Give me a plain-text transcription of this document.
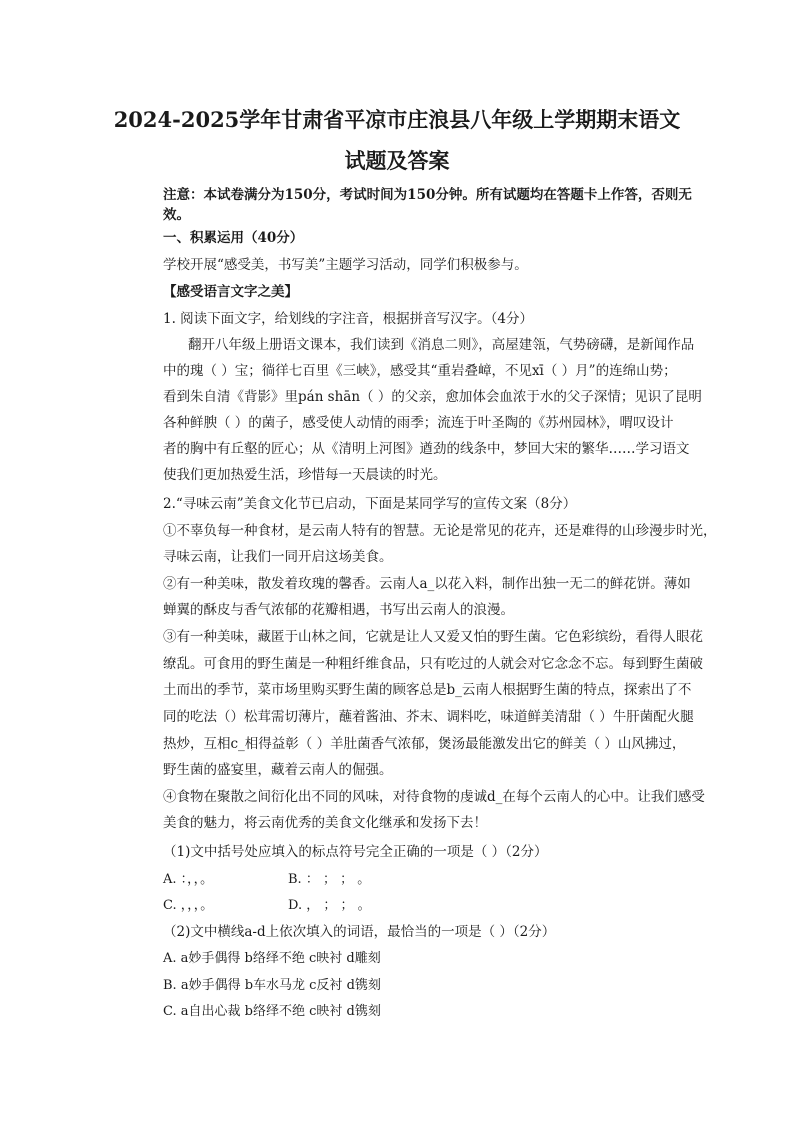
2024-2025学年甘肃省平凉市庄浪县八年级上学期期末语文
试题及答案

注意：本试卷满分为150分，考试时间为150分钟。所有试题均在答题卡上作答，否则无

效。

一、积累运用（40分）

学校开展“感受美，书写美”主题学习活动，同学们积极参与。

【感受语言文字之美】

1. 阅读下面文字，给划线的字注音，根据拼音写汉字。（4分）

翻开八年级上册语文课本，我们读到《消息二则》，高屋建瓴，气势磅礴，是新闻作品

中的瑰（ ）宝；徜徉七百里《三峡》，感受其“重岩叠嶂，不见xī（ ）月”的连绵山势；

看到朱自清《背影》里pán shān（ ）的父亲，愈加体会血浓于水的父子深情；见识了昆明

各种鲜腴（ ）的菌子，感受使人动情的雨季；流连于叶圣陶的《苏州园林》，喟叹设计

者的胸中有丘壑的匠心；从《清明上河图》遒劲的线条中，梦回大宋的繁华……学习语文

使我们更加热爱生活，珍惜每一天晨读的时光。

2.“寻味云南”美食文化节已启动，下面是某同学写的宣传文案（8分）

①不辜负每一种食材，是云南人特有的智慧。无论是常见的花卉，还是难得的山珍漫步时光，

寻味云南，让我们一同开启这场美食。

②有一种美味，散发着玫瑰的馨香。云南人a_以花入料，制作出独一无二的鲜花饼。薄如

蝉翼的酥皮与香气浓郁的花瓣相遇，书写出云南人的浪漫。

③有一种美味，藏匿于山林之间，它就是让人又爱又怕的野生菌。它色彩缤纷，看得人眼花

缭乱。可食用的野生菌是一种粗纤维食品，只有吃过的人就会对它念念不忘。每到野生菌破

土而出的季节，菜市场里购买野生菌的顾客总是b_云南人根据野生菌的特点，探索出了不

同的吃法（）松茸需切薄片，蘸着酱油、芥末、调料吃，味道鲜美清甜（ ）牛肝菌配火腿

热炒，互相c_相得益彰（ ）羊肚菌香气浓郁，煲汤最能激发出它的鲜美（ ）山风拂过，

野生菌的盛宴里，藏着云南人的倔强。

④食物在聚散之间衍化出不同的风味，对待食物的虔诚d_在每个云南人的心中。让我们感受

美食的魅力，将云南优秀的美食文化继承和发扬下去！

（1)文中括号处应填入的标点符号完全正确的一项是（ ）（2分）

A. ：，，。	B. ： ； ； 。

C. ，，，。	D. ， ； ； 。

（2)文中横线a-d上依次填入的词语，最恰当的一项是（ ）（2分）

A. a妙手偶得 b络绎不绝 c映衬 d雕刻

B. a妙手偶得 b车水马龙 c反衬 d镌刻

C. a自出心裁 b络绎不绝 c映衬 d镌刻
